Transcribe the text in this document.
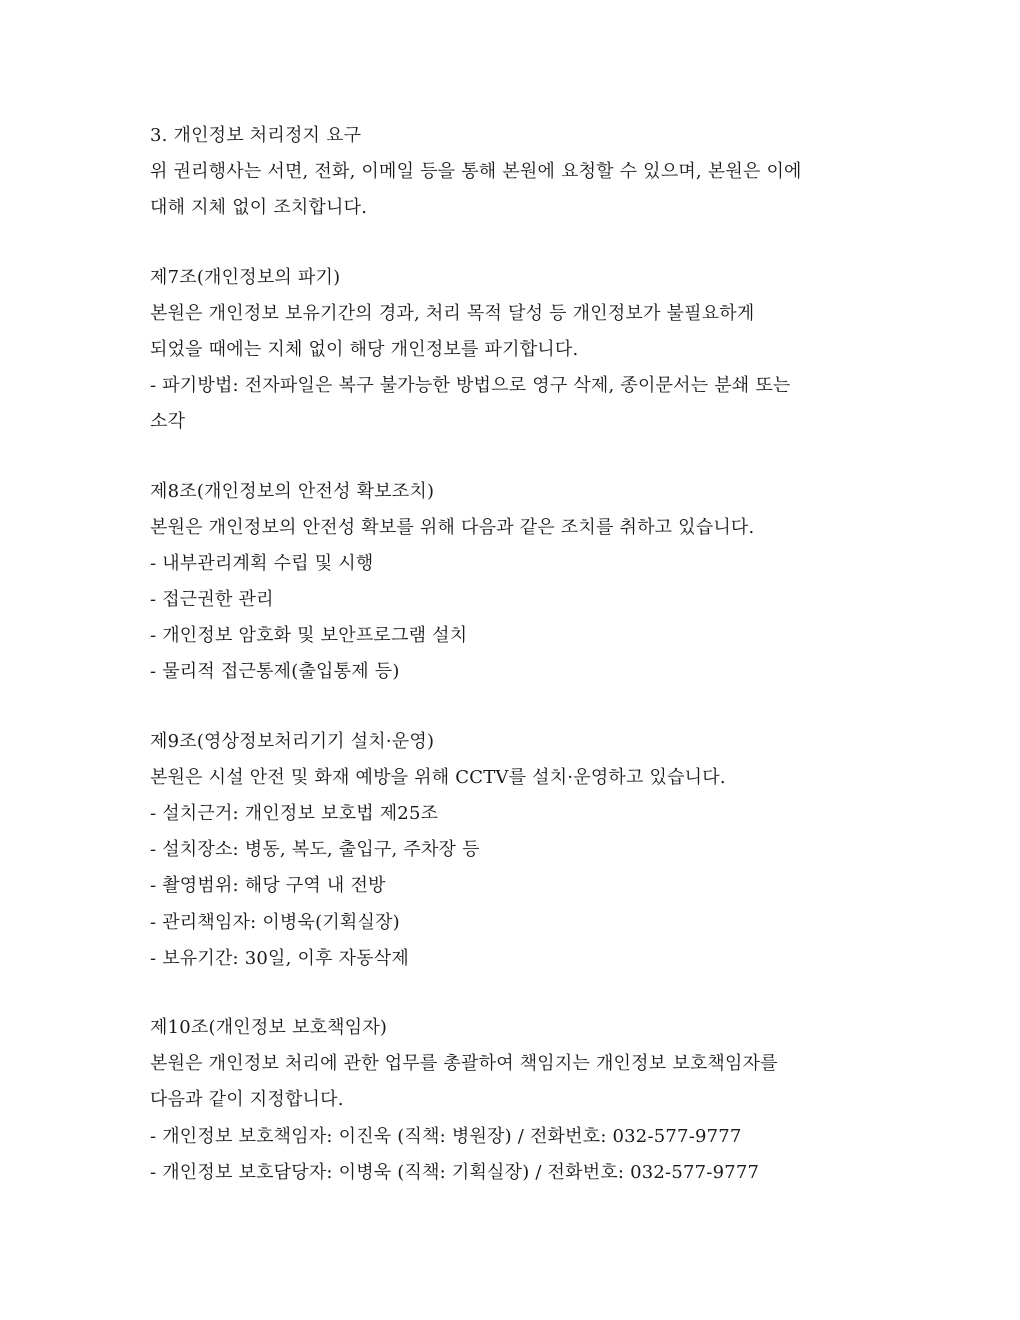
3. 개인정보 처리정지 요구
위 권리행사는 서면, 전화, 이메일 등을 통해 본원에 요청할 수 있으며, 본원은 이에
대해 지체 없이 조치합니다.
제7조(개인정보의 파기)
본원은 개인정보 보유기간의 경과, 처리 목적 달성 등 개인정보가 불필요하게
되었을 때에는 지체 없이 해당 개인정보를 파기합니다.
- 파기방법: 전자파일은 복구 불가능한 방법으로 영구 삭제, 종이문서는 분쇄 또는
소각
제8조(개인정보의 안전성 확보조치)
본원은 개인정보의 안전성 확보를 위해 다음과 같은 조치를 취하고 있습니다.
- 내부관리계획 수립 및 시행
- 접근권한 관리
- 개인정보 암호화 및 보안프로그램 설치
- 물리적 접근통제(출입통제 등)
제9조(영상정보처리기기 설치·운영)
본원은 시설 안전 및 화재 예방을 위해 CCTV를 설치·운영하고 있습니다.
- 설치근거: 개인정보 보호법 제25조
- 설치장소: 병동, 복도, 출입구, 주차장 등
- 촬영범위: 해당 구역 내 전방
- 관리책임자: 이병욱(기획실장)
- 보유기간: 30일, 이후 자동삭제
제10조(개인정보 보호책임자)
본원은 개인정보 처리에 관한 업무를 총괄하여 책임지는 개인정보 보호책임자를
다음과 같이 지정합니다.
- 개인정보 보호책임자: 이진욱 (직책: 병원장) / 전화번호: 032-577-9777
- 개인정보 보호담당자: 이병욱 (직책: 기획실장) / 전화번호: 032-577-9777
